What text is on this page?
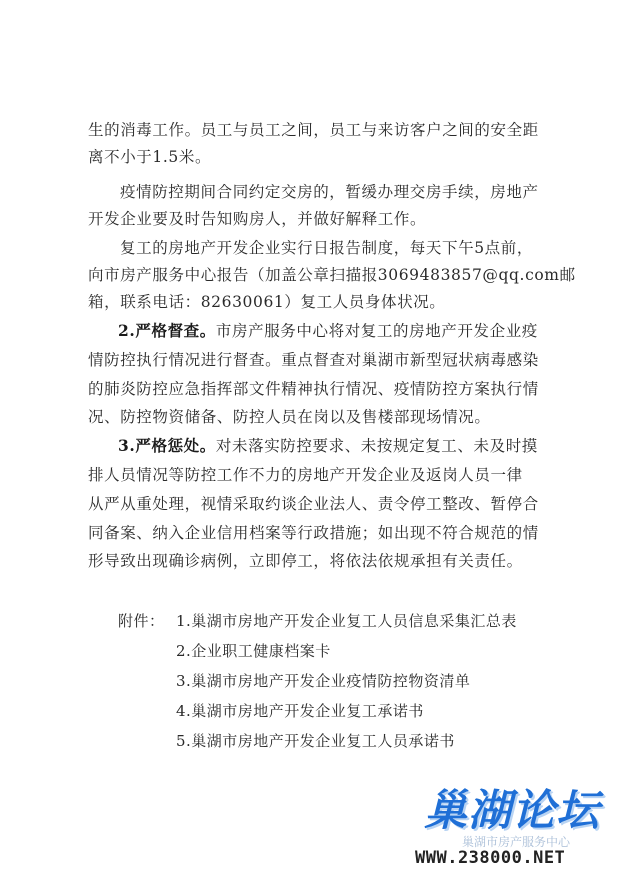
生的消毒工作。员工与员工之间，员工与来访客户之间的安全距
离不小于1.5米。
疫情防控期间合同约定交房的，暂缓办理交房手续，房地产
开发企业要及时告知购房人，并做好解释工作。
复工的房地产开发企业实行日报告制度，每天下午5点前，
向市房产服务中心报告（加盖公章扫描报3069483857@qq.com邮
箱，联系电话：82630061）复工人员身体状况。
2.严格督查。市房产服务中心将对复工的房地产开发企业疫
情防控执行情况进行督查。重点督查对巢湖市新型冠状病毒感染
的肺炎防控应急指挥部文件精神执行情况、疫情防控方案执行情
况、防控物资储备、防控人员在岗以及售楼部现场情况。
3.严格惩处。对未落实防控要求、未按规定复工、未及时摸
排人员情况等防控工作不力的房地产开发企业及返岗人员一律
从严从重处理，视情采取约谈企业法人、责令停工整改、暂停合
同备案、纳入企业信用档案等行政措施；如出现不符合规范的情
形导致出现确诊病例，立即停工，将依法依规承担有关责任。
附件： 1.巢湖市房地产开发企业复工人员信息采集汇总表
2.企业职工健康档案卡
3.巢湖市房地产开发企业疫情防控物资清单
4.巢湖市房地产开发企业复工承诺书
5.巢湖市房地产开发企业复工人员承诺书
巢湖论坛
巢湖市房产服务中心
WWW.238000.NET
